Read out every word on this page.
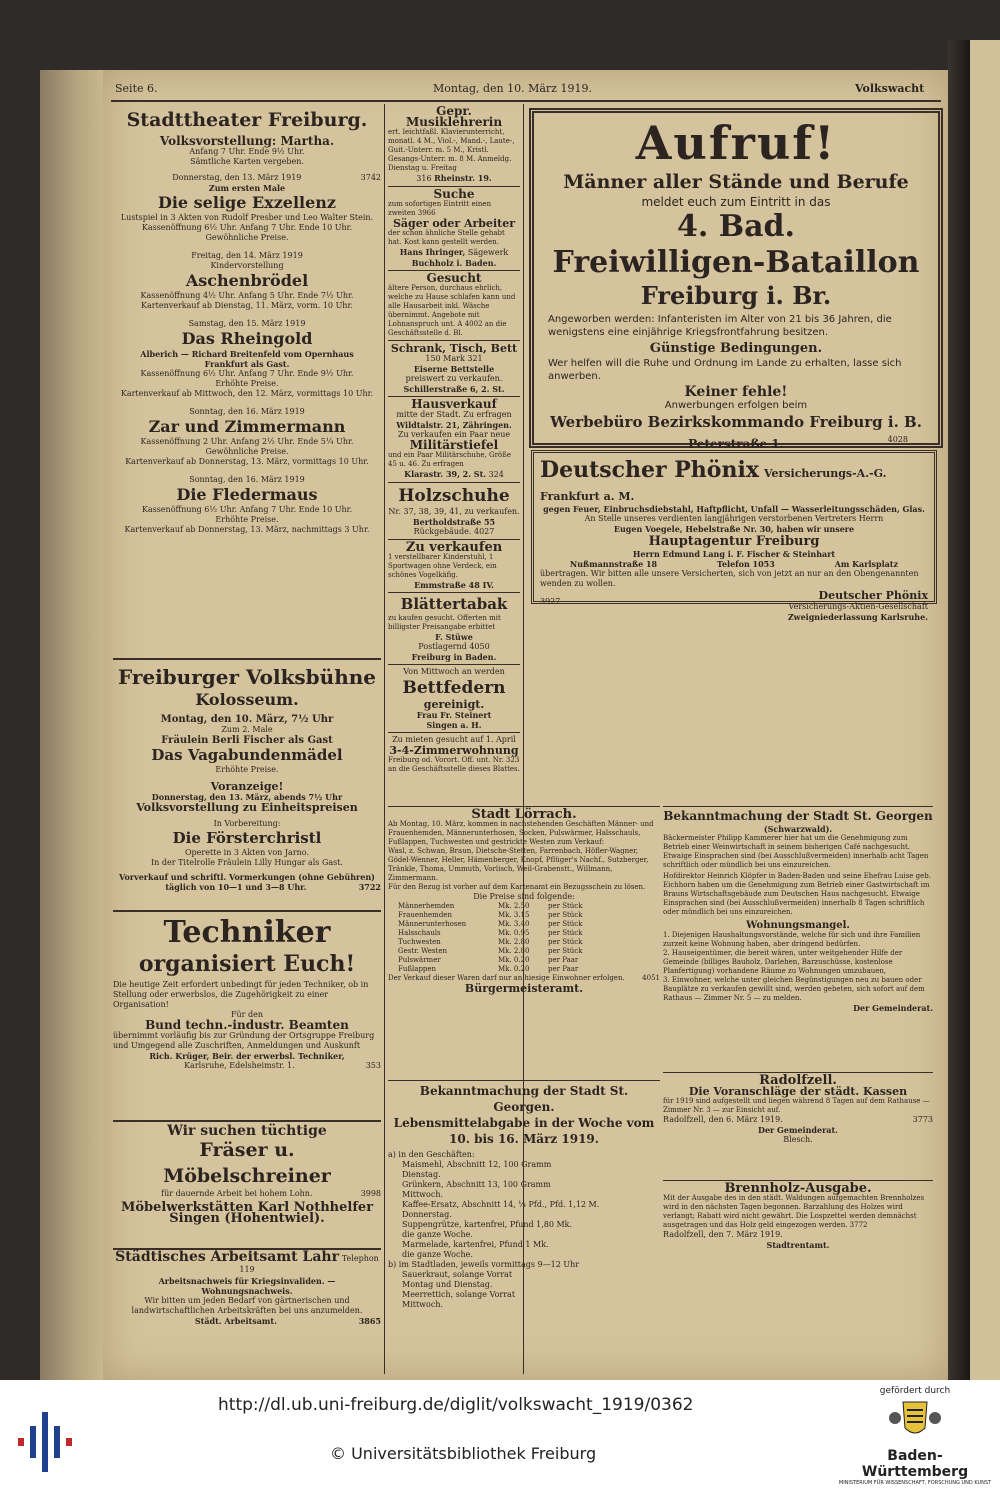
Seite 6.	Montag, den 10. März 1919.	Volkswacht
Stadttheater Freiburg.
Volksvorstellung: Martha.
Anfang 7 Uhr. Ende 9½ Uhr.
Sämtliche Karten vergeben.
Donnerstag, den 13. März 1919	3742
Zum ersten Male
Die selige Exzellenz
Lustspiel in 3 Akten von Rudolf Presber und Leo Walter Stein.
Kassenöffnung 6½ Uhr. Anfang 7 Uhr. Ende 10 Uhr.
Gewöhnliche Preise.
Freitag, den 14. März 1919
Kindervorstellung
Aschenbrödel
Kassenöffnung 4½ Uhr. Anfang 5 Uhr. Ende 7½ Uhr.
Kartenverkauf ab Dienstag, 11. März, vorm. 10 Uhr.
Samstag, den 15. März 1919
Das Rheingold
Alberich — Richard Breitenfeld vom Opernhaus
Frankfurt als Gast.
Kassenöffnung 6½ Uhr. Anfang 7 Uhr. Ende 9½ Uhr.
Erhöhte Preise.
Kartenverkauf ab Mittwoch, den 12. März, vormittags 10 Uhr.
Sonntag, den 16. März 1919
Zar und Zimmermann
Kassenöffnung 2 Uhr. Anfang 2½ Uhr. Ende 5¼ Uhr.
Gewöhnliche Preise.
Kartenverkauf ab Donnerstag, 13. März, vormittags 10 Uhr.
Sonntag, den 16. März 1919
Die Fledermaus
Kassenöffnung 6½ Uhr. Anfang 7 Uhr. Ende 10 Uhr.
Erhöhte Preise.
Kartenverkauf ab Donnerstag, 13. März, nachmittags 3 Uhr.
Freiburger Volksbühne
Kolosseum.
Montag, den 10. März, 7½ Uhr
Zum 2. Male
Fräulein Berli Fischer als Gast
Das Vagabundenmädel
Erhöhte Preise.
Voranzeige!
Donnerstag, den 13. März, abends 7½ Uhr
Volksvorstellung zu Einheitspreisen
In Vorbereitung:
Die Försterchristl
Operette in 3 Akten von Jarno.
In der Titelrolle Fräulein Lilly Hungar als Gast.
Vorverkauf und schriftl. Vormerkungen (ohne Gebühren)
täglich von 10—1 und 3—8 Uhr.	3722
Techniker
organisiert Euch!
Die heutige Zeit erfordert unbedingt für jeden Techniker, ob in Stellung oder erwerbslos, die Zugehörigkeit zu einer Organisation!
Für den
Bund techn.-industr. Beamten
übernimmt vorläufig bis zur Gründung der Ortsgruppe Freiburg und Umgegend alle Zuschriften, Anmeldungen und Auskunft
Rich. Krüger, Beir. der erwerbsl. Techniker,
Karlsruhe, Edelsheimstr. 1.	353
Wir suchen tüchtige
Fräser u. Möbelschreiner
für dauernde Arbeit bei hohem Lohn.	3998
Möbelwerkstätten Karl Nothhelfer
Singen (Hohentwiel).
Städtisches Arbeitsamt Lahr Telephon 119
Arbeitsnachweis für Kriegsinvaliden. — Wohnungsnachweis.
Wir bitten um jeden Bedarf von gärtnerischen und landwirtschaftlichen Arbeitskräften bei uns anzumelden.
Städt. Arbeitsamt.	3865
Gepr. Musiklehrerin
ert. leichtfaßl. Klavierunterricht, monatl. 4 M., Viol.-, Mand.-, Laute-, Guit.-Unterr. m. 5 M., Kristl. Gesangs-Unterr. m. 8 M. Anmeldg. Dienstag u. Freitag
316 Rheinstr. 19.
Suche
zum sofortigen Eintritt einen zweiten 3966
Säger oder Arbeiter
der schon ähnliche Stelle gehabt hat. Kost kann gestellt werden.
Hans Ihringer, Sägewerk
Buchholz i. Baden.
Gesucht
ältere Person, durchaus ehrlich, welche zu Hause schlafen kann und alle Hausarbeit inkl. Wäsche übernimmt. Angebote mit Lohnanspruch unt. A 4002 an die Geschäftsstelle d. Bl.
Schrank, Tisch, Bett
150 Mark 321
Eiserne Bettstelle
preiswert zu verkaufen.
Schillerstraße 6, 2. St.
Hausverkauf
mitte der Stadt. Zu erfragen
Wildtalstr. 21, Zähringen.
Zu verkaufen ein Paar neue
Militärstiefel
und ein Paar Militärschuhe, Größe 45 u. 46. Zu erfragen
Klarastr. 39, 2. St. 324
Holzschuhe
Nr. 37, 38, 39, 41, zu verkaufen.
Bertholdstraße 55
Rückgebäude. 4027
Zu verkaufen
1 verstellbarer Kinderstuhl, 1 Sportwagen ohne Verdeck, ein schönes Vogelkäfig.
Emmstraße 48 IV.
Blättertabak
zu kaufen gesucht. Offerten mit billigster Preisangabe erbittet
F. Stüwe
Postlagernd 4050
Freiburg in Baden.
Von Mittwoch an werden
Bettfedern
gereinigt.
Frau Fr. Steinert
Singen a. H.
Zu mieten gesucht auf 1. April
3-4-Zimmerwohnung
Freiburg od. Vorort. Off. unt. Nr. 323 an die Geschäftsstelle dieses Blattes.
Aufruf!
Männer aller Stände und Berufe
meldet euch zum Eintritt in das
4. Bad.
Freiwilligen-Bataillon
Freiburg i. Br.
Angeworben werden: Infanteristen im Alter von 21 bis 36 Jahren, die wenigstens eine einjährige Kriegsfrontfahrung besitzen.
Günstige Bedingungen.
Wer helfen will die Ruhe und Ordnung im Lande zu erhalten, lasse sich anwerben.
Keiner fehle!
Anwerbungen erfolgen beim
Werbebüro Bezirkskommando Freiburg i. B.
Peterstraße 1.	4028
Deutscher Phönix Versicherungs-A.-G. Frankfurt a. M.
gegen Feuer, Einbruchsdiebstahl, Haftpflicht, Unfall — Wasserleitungsschäden, Glas.
An Stelle unseres verdienten langjährigen verstorbenen Vertreters Herrn
Eugen Voegele, Hebelstraße Nr. 30, haben wir unsere
Hauptagentur Freiburg
Herrn Edmund Lang i. F. Fischer & Steinhart
Nußmannstraße 18	Telefon 1053	Am Karlsplatz
übertragen. Wir bitten alle unsere Versicherten, sich von jetzt an nur an den Obengenannten wenden zu wollen.
3927	Deutscher Phönix
Versicherungs-Aktien-Gesellschaft
Zweigniederlassung Karlsruhe.
Stadt Lörrach.
Ab Montag, 10. März, kommen in nachstehenden Geschäften Männer- und Frauenhemden, Männerunterhosen, Socken, Pulswärmer, Halsschauls, Fußlappen, Tuchwesten und gestrickte Westen zum Verkauf:
Wasl, z. Schwan, Braun, Dietsche-Stetten, Farrenbach, Höfler-Wagner, Gödel-Wenner, Heller, Hämenberger, Knopf, Pflüger's Nachf., Sutzberger, Tränkle, Thoma, Ummuth, Vorlisch, Weil-Grabenstt., Willmann, Zimmermann.
Für den Bezug ist vorher auf dem Kartenamt ein Bezugsschein zu lösen.
Die Preise sind folgende:
Männerhemden	Mk. 2.50	per Stück
Frauenhemden	Mk. 3.15	per Stück
Männerunterhosen	Mk. 3.40	per Stück
Halsschauls	Mk. 0.95	per Stück
Tuchwesten	Mk. 2.80	per Stück
Gestr. Westen	Mk. 2.80	per Stück
Pulswärmer	Mk. 0.20	per Paar
Fußlappen	Mk. 0.20	per Paar
Der Verkauf dieser Waren darf nur an hiesige Einwohner erfolgen. 4051
Bürgermeisteramt.
Bekanntmachung der Stadt St. Georgen.
Lebensmittelabgabe in der Woche vom
10. bis 16. März 1919.
a) in den Geschäften:
Maismehl, Abschnitt 12, 100 Gramm
Dienstag.
Grünkern, Abschnitt 13, 100 Gramm
Mittwoch.
Kaffee-Ersatz, Abschnitt 14, ¼ Pfd., Pfd. 1,12 M.
Donnerstag.
Suppengrütze, kartenfrei, Pfund 1,80 Mk.
die ganze Woche.
Marmelade, kartenfrei, Pfund 1 Mk.
die ganze Woche.
b) im Stadtladen, jeweils vormittags 9—12 Uhr
Sauerkraut, solange Vorrat
Montag und Dienstag.
Meerrettich, solange Vorrat
Mittwoch.
Bekanntmachung der Stadt St. Georgen
(Schwarzwald).
Bäckermeister Philipp Kammerer hier hat um die Genehmigung zum Betrieb einer Weinwirtschaft in seinem bisherigen Café nachgesucht. Etwaige Einsprachen sind (bei Ausschlußvermeiden) innerhalb acht Tagen schriftlich oder mündlich bei uns einzureichen.
Hofdirektor Heinrich Klöpfer in Baden-Baden und seine Ehefrau Luise geb. Eichhorn haben um die Genehmigung zum Betrieb einer Gastwirtschaft im Brauns Wirtschaftsgebäude zum Deutschen Haus nachgesucht. Etwaige Einsprachen sind (bei Ausschlußvermeiden) innerhalb 8 Tagen schriftlich oder mündlich bei uns einzureichen.
Wohnungsmangel.
1. Diejenigen Haushaltungsvorstände, welche für sich und ihre Familien zurzeit keine Wohnung haben, aber dringend bedürfen.
2. Hauseigentümer, die bereit wären, unter weitgehender Hilfe der Gemeinde (billiges Bauholz, Darlehen, Barzuschüsse, kostenlose Planfertigung) vorhandene Räume zu Wohnungen umzubauen,
3. Einwohner, welche unter gleichen Begünstigungen neu zu bauen oder Bauplätze zu verkaufen gewillt sind, werden gebeten, sich sofort auf dem Rathaus — Zimmer Nr. 5 — zu melden.
Der Gemeinderat.
Radolfzell.
Die Voranschläge der städt. Kassen
für 1919 sind aufgestellt und liegen während 8 Tagen auf dem Rathause — Zimmer Nr. 3 — zur Einsicht auf.
Radolfzell, den 6. März 1919.	3773
Der Gemeinderat.
Blesch.
Brennholz-Ausgabe.
Mit der Ausgabe des in den städt. Waldungen aufgemachten Brennholzes wird in den nächsten Tagen begonnen. Barzahlung des Holzes wird verlangt; Rabatt wird nicht gewährt. Die Lospzettel werden demnächst ausgetragen und das Holz geld eingezogen werden. 3772
Radolfzell, den 7. März 1919.
Stadtrentamt.
http://dl.ub.uni-freiburg.de/diglit/volkswacht_1919/0362
© Universitätsbibliothek Freiburg
gefördert durch
Baden-Württemberg
MINISTERIUM FÜR WISSENSCHAFT, FORSCHUNG UND KUNST
